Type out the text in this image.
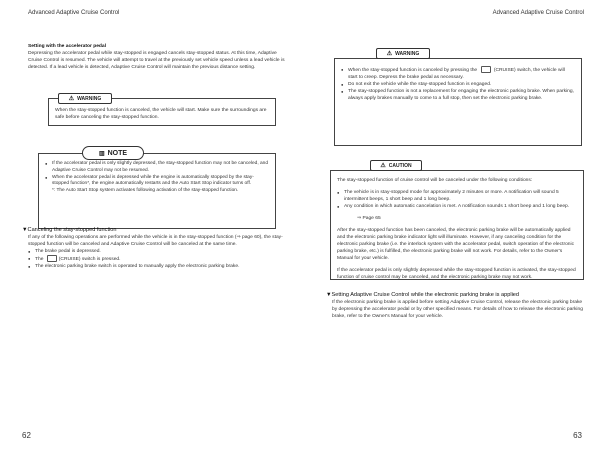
Advanced Adaptive Cruise Control

Setting with the accelerator pedal

Depressing the accelerator pedal while stay-stopped is engaged cancels stay-stopped status. At this time, Adaptive Cruise Control is resumed. The vehicle will attempt to travel at the previously set vehicle speed unless a lead vehicle is detected. If a lead vehicle is detected, Adaptive Cruise Control will maintain the previous distance setting.

When the stay-stopped function is canceled, the vehicle will start. Make sure the surroundings are safe before canceling the stay-stopped function.

⚠ WARNING
● If the accelerator pedal is only slightly depressed, the stay-stopped function may not be canceled, and Adaptive Cruise Control may not be resumed.
● When the accelerator pedal is depressed while the engine is automatically stopped by the stay-stopped function*, the engine automatically restarts and the Auto Start Stop indicator turns off.
*: The Auto Start Stop system activates following activation of the stay-stopped function.
▥ NOTE

▼Canceling the stay-stopped function

If any of the following operations are performed while the vehicle is in the stay-stopped function (⇒ page 60), the stay-stopped function will be canceled and Adaptive Cruise Control will be canceled at the same time.

● The brake pedal is depressed.
● The	(CRUISE) switch is pressed.
● The electronic parking brake switch is operated to manually apply the electronic parking brake.
62
Advanced Adaptive Cruise Control
● When the stay-stopped function is canceled by pressing the	(CRUISE) switch, the vehicle will start to creep. Depress the brake pedal as necessary.
● Do not exit the vehicle while the stay-stopped function is engaged.
● The stay-stopped function is not a replacement for engaging the electronic parking brake. When parking, always apply brakes manually to come to a full stop, then set the electronic parking brake.
⚠ WARNING

The stay-stopped function of cruise control will be canceled under the following conditions:

● The vehicle is in stay-stopped mode for approximately 2 minutes or more. A notification will sound 5 intermittent beeps, 1 short beep and 1 long beep.
● Any condition in which automatic cancelation is met. A notification sounds 1 short beep and 1 long beep.

⇒ Page 65

After the stay-stopped function has been canceled, the electronic parking brake will be automatically applied and the electronic parking brake indicator light will illuminate. However, if any canceling condition for the electronic parking brake (i.e. the interlock system with the accelerator pedal, switch operation of the electronic parking brake, etc.) is fulfilled, the electronic parking brake will not work. For details, refer to the Owner's Manual for your vehicle.

If the accelerator pedal is only slightly depressed while the stay-stopped function is activated, the stay-stopped function of cruise control may be canceled, and the electronic parking brake may not work.

⚠ CAUTION

▼Setting Adaptive Cruise Control while the electronic parking brake is applied

If the electronic parking brake is applied before setting Adaptive Cruise Control, release the electronic parking brake by depressing the accelerator pedal or by other specified means. For details of how to release the electronic parking brake, refer to the Owner's Manual for your vehicle.

63
